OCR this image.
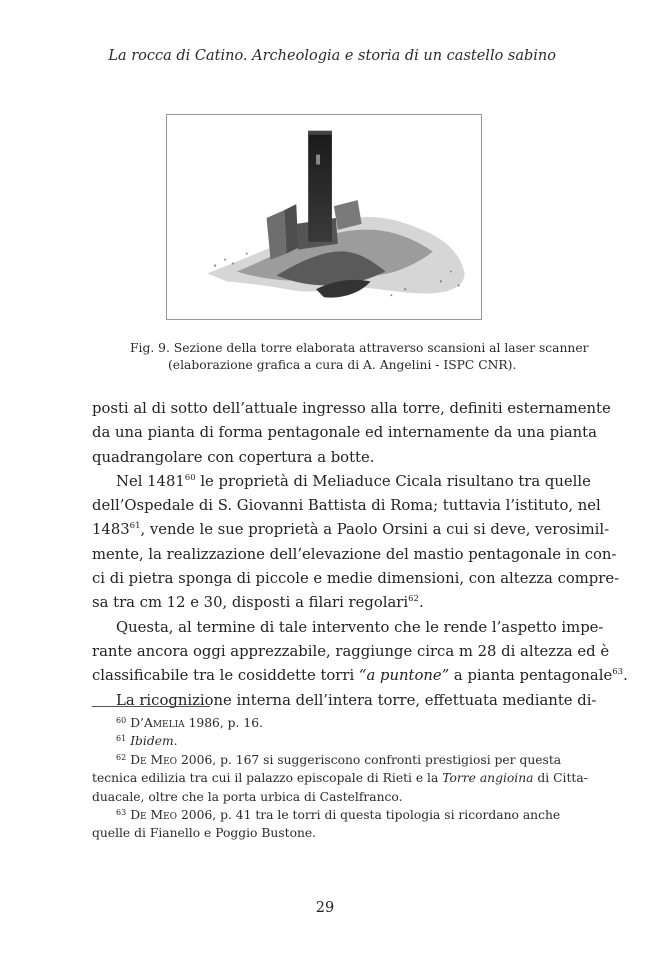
La rocca di Catino. Archeologia e storia di un castello sabino
Fig. 9. Sezione della torre elaborata attraverso scansioni al laser scanner
(elaborazione grafica a cura di A. Angelini - ISPC CNR).
posti al di sotto dell’attuale ingresso alla torre, definiti esternamente
da una pianta di forma pentagonale ed internamente da una pianta
quadrangolare con copertura a botte.
Nel 1481$^{60}$ le proprietà di Meliaduce Cicala risultano tra quelle
dell’Ospedale di S. Giovanni Battista di Roma; tuttavia l’istituto, nel
1483$^{61}$, vende le sue proprietà a Paolo Orsini a cui si deve, verosimil-
mente, la realizzazione dell’elevazione del mastio pentagonale in con-
ci di pietra sponga di piccole e medie dimensioni, con altezza compre-
sa tra cm 12 e 30, disposti a filari regolari$^{62}$.
Questa, al termine di tale intervento che le rende l’aspetto impe-
rante ancora oggi apprezzabile, raggiunge circa m 28 di altezza ed è
classificabile tra le cosiddette torri “a puntone” a pianta pentagonale$^{63}$.
La ricognizione interna dell’intera torre, effettuata mediante di-
$^{60}$ D’Amelia 1986, p. 16.
$^{61}$ Ibidem.
$^{62}$ De Meo 2006, p. 167 si suggeriscono confronti prestigiosi per questa
tecnica edilizia tra cui il palazzo episcopale di Rieti e la Torre angioina di Citta-
duacale, oltre che la porta urbica di Castelfranco.
$^{63}$ De Meo 2006, p. 41 tra le torri di questa tipologia si ricordano anche
quelle di Fianello e Poggio Bustone.
29
